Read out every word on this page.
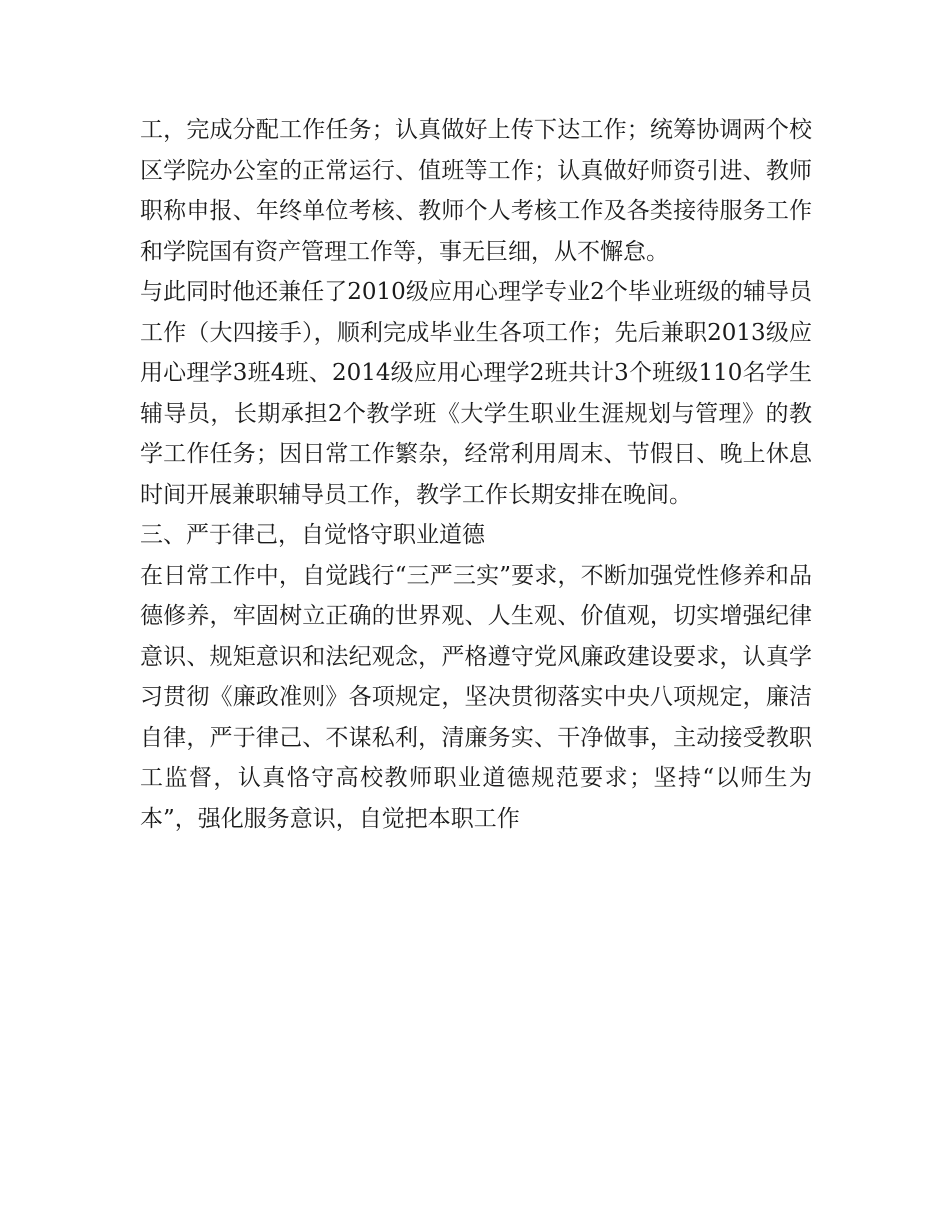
工，完成分配工作任务；认真做好上传下达工作；统筹协调两个校区学院办公室的正常运行、值班等工作；认真做好师资引进、教师职称申报、年终单位考核、教师个人考核工作及各类接待服务工作和学院国有资产管理工作等，事无巨细，从不懈怠。

与此同时他还兼任了2010级应用心理学专业2个毕业班级的辅导员工作（大四接手），顺利完成毕业生各项工作；先后兼职2013级应用心理学3班4班、2014级应用心理学2班共计3个班级110名学生辅导员，长期承担2个教学班《大学生职业生涯规划与管理》的教学工作任务；因日常工作繁杂，经常利用周末、节假日、晚上休息时间开展兼职辅导员工作，教学工作长期安排在晚间。

三、严于律己，自觉恪守职业道德

在日常工作中，自觉践行“三严三实”要求，不断加强党性修养和品德修养，牢固树立正确的世界观、人生观、价值观，切实增强纪律意识、规矩意识和法纪观念，严格遵守党风廉政建设要求，认真学习贯彻《廉政准则》各项规定，坚决贯彻落实中央八项规定，廉洁自律，严于律己、不谋私利，清廉务实、干净做事，主动接受教职工监督，认真恪守高校教师职业道德规范要求；坚持“以师生为本”，强化服务意识，自觉把本职工作
